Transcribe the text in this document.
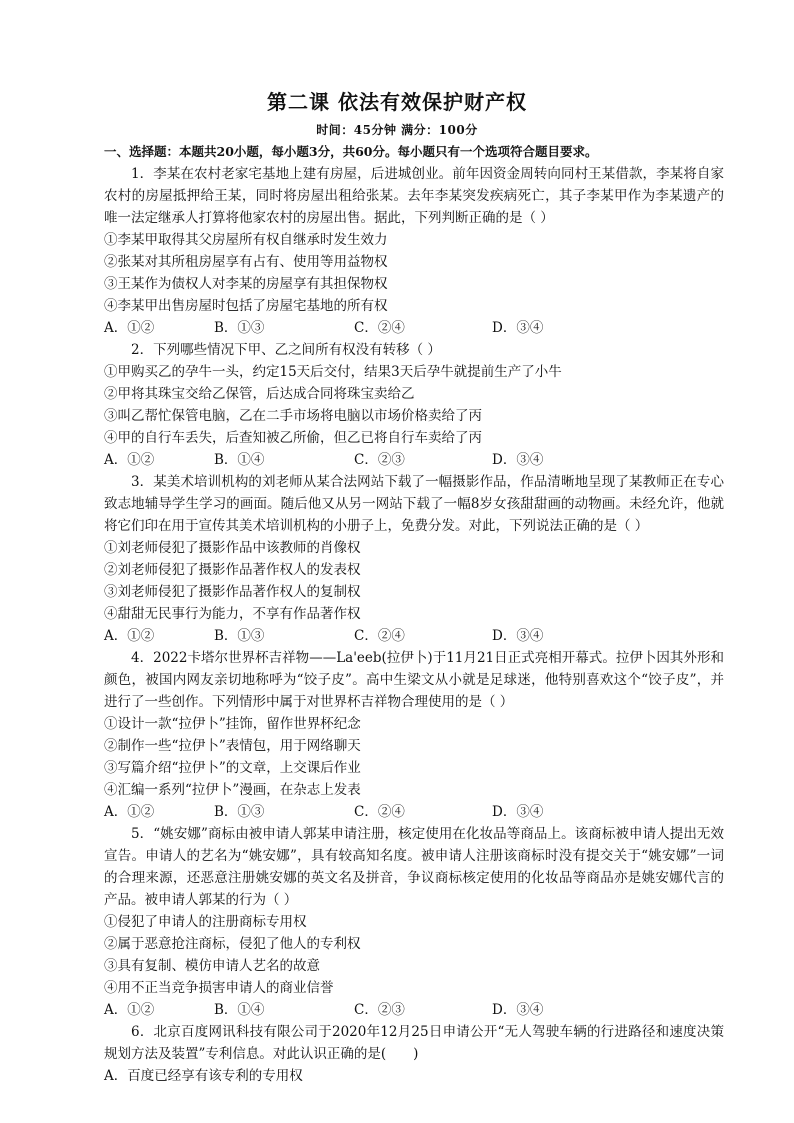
第二课 依法有效保护财产权
时间：45分钟 满分：100分

一、选择题：本题共20小题，每小题3分，共60分。每小题只有一个选项符合题目要求。

1．李某在农村老家宅基地上建有房屋，后进城创业。前年因资金周转向同村王某借款，李某将自家农村的房屋抵押给王某，同时将房屋出租给张某。去年李某突发疾病死亡，其子李某甲作为李某遗产的唯一法定继承人打算将他家农村的房屋出售。据此，下列判断正确的是（ ）

①李某甲取得其父房屋所有权自继承时发生效力

②张某对其所租房屋享有占有、使用等用益物权

③王某作为债权人对李某的房屋享有其担保物权

④李某甲出售房屋时包括了房屋宅基地的所有权

A．①②	B．①③	C．②④	D．③④

2．下列哪些情况下甲、乙之间所有权没有转移（ ）

①甲购买乙的孕牛一头，约定15天后交付，结果3天后孕牛就提前生产了小牛

②甲将其珠宝交给乙保管，后达成合同将珠宝卖给乙

③叫乙帮忙保管电脑，乙在二手市场将电脑以市场价格卖给了丙

④甲的自行车丢失，后查知被乙所偷，但乙已将自行车卖给了丙

A．①②	B．①④	C．②③	D．③④

3．某美术培训机构的刘老师从某合法网站下载了一幅摄影作品，作品清晰地呈现了某教师正在专心致志地辅导学生学习的画面。随后他又从另一网站下载了一幅8岁女孩甜甜画的动物画。未经允许，他就将它们印在用于宣传其美术培训机构的小册子上，免费分发。对此，下列说法正确的是（ ）

①刘老师侵犯了摄影作品中该教师的肖像权

②刘老师侵犯了摄影作品著作权人的发表权

③刘老师侵犯了摄影作品著作权人的复制权

④甜甜无民事行为能力，不享有作品著作权

A．①②	B．①③	C．②④	D．③④

4．2022卡塔尔世界杯吉祥物——La'eeb(拉伊卜)于11月21日正式亮相开幕式。拉伊卜因其外形和颜色，被国内网友亲切地称呼为“饺子皮”。高中生梁文从小就是足球迷，他特别喜欢这个“饺子皮”，并进行了一些创作。下列情形中属于对世界杯吉祥物合理使用的是（ ）

①设计一款“拉伊卜”挂饰，留作世界杯纪念

②制作一些“拉伊卜”表情包，用于网络聊天

③写篇介绍“拉伊卜”的文章，上交课后作业

④汇编一系列“拉伊卜”漫画，在杂志上发表

A．①②	B．①③	C．②④	D．③④

5．“姚安娜”商标由被申请人郭某申请注册，核定使用在化妆品等商品上。该商标被申请人提出无效宣告。申请人的艺名为“姚安娜”，具有较高知名度。被申请人注册该商标时没有提交关于“姚安娜”一词的合理来源，还恶意注册姚安娜的英文名及拼音，争议商标核定使用的化妆品等商品亦是姚安娜代言的产品。被申请人郭某的行为（ ）

①侵犯了申请人的注册商标专用权

②属于恶意抢注商标，侵犯了他人的专利权

③具有复制、模仿申请人艺名的故意

④用不正当竞争损害申请人的商业信誉

A．①②	B．①④	C．②③	D．③④

6．北京百度网讯科技有限公司于2020年12月25日申请公开“无人驾驶车辆的行进路径和速度决策规划方法及装置”专利信息。对此认识正确的是(　　)

A．百度已经享有该专利的专用权
